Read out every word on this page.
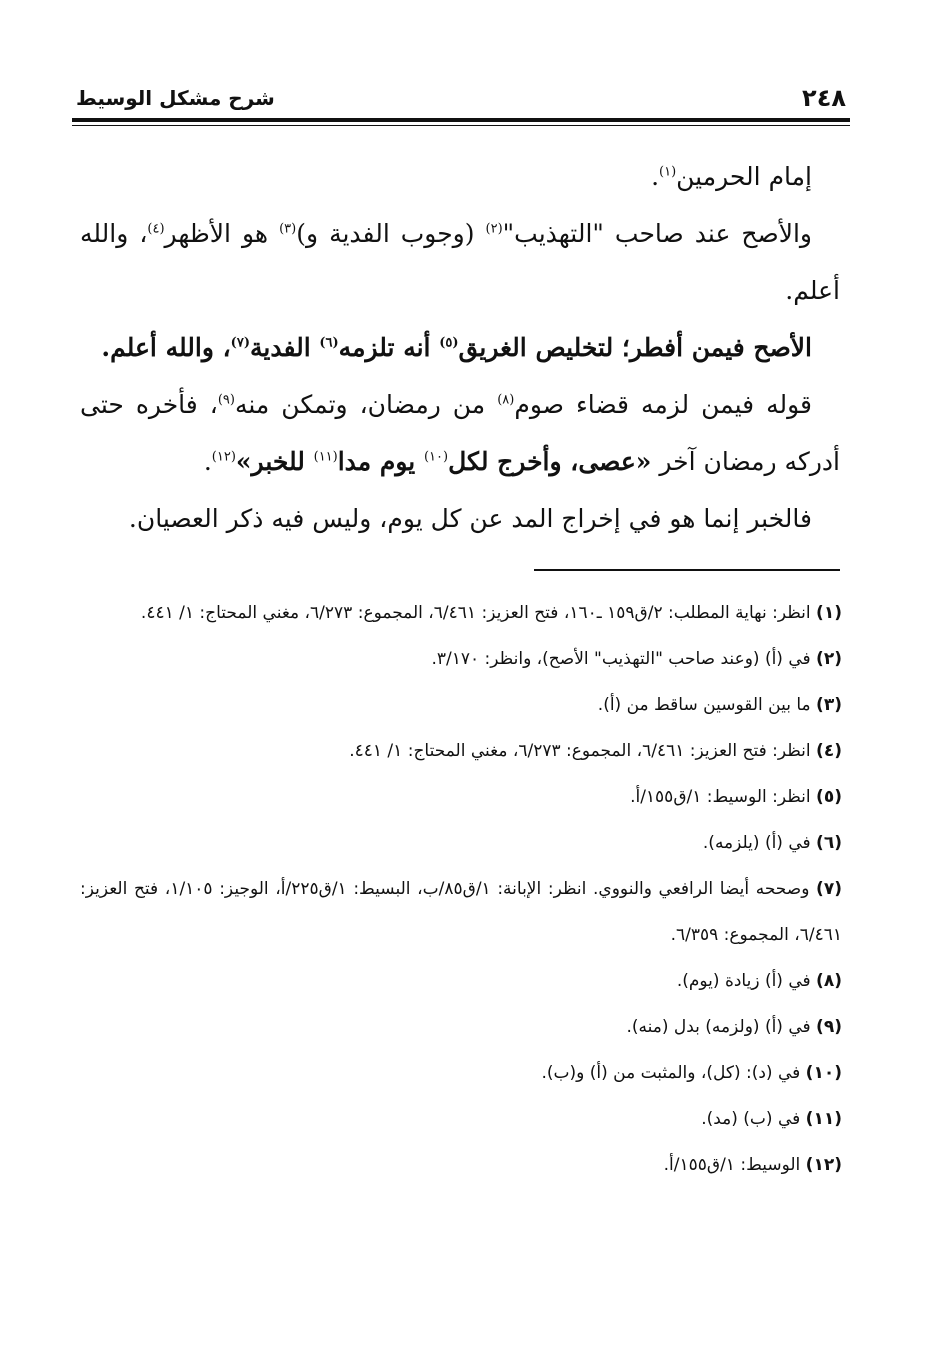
٢٤٨
شرح مشكل الوسيط

إمام الحرمين$^{(١)}$.

والأصح عند صاحب "التهذيب"$^{(٢)}$ (وجوب الفدية و)$^{(٣)}$ هو الأظهر$^{(٤)}$، والله أعلم.

الأصح فيمن أفطر؛ لتخليص الغريق$^{(٥)}$ أنه تلزمه$^{(٦)}$ الفدية$^{(٧)}$، والله أعلم.

قوله فيمن لزمه قضاء صوم$^{(٨)}$ من رمضان، وتمكن منه$^{(٩)}$، فأخره حتى أدركه رمضان آخر «عصى، وأخرج لكل$^{(١٠)}$ يوم مدا$^{(١١)}$ للخبر»$^{(١٢)}$.

فالخبر إنما هو في إخراج المد عن كل يوم، وليس فيه ذكر العصيان.

(١) انظر: نهاية المطلب: ٢/ق١٥٩ ـ١٦٠، فتح العزيز: ٦/٤٦١، المجموع: ٦/٢٧٣، مغني المحتاج: ١/ ٤٤١.

(٢) في (أ) (وعند صاحب "التهذيب" الأصح)، وانظر: ٣/١٧٠.

(٣) ما بين القوسين ساقط من (أ).

(٤) انظر: فتح العزيز: ٦/٤٦١، المجموع: ٦/٢٧٣، مغني المحتاج: ١/ ٤٤١.

(٥) انظر: الوسيط: ١/ق١٥٥/أ.

(٦) في (أ) (يلزمه).

(٧) وصححه أيضا الرافعي والنووي. انظر: الإبانة: ١/ق٨٥/ب، البسيط: ١/ق٢٢٥/أ، الوجيز: ١/١٠٥، فتح العزيز: ٦/٤٦١، المجموع: ٦/٣٥٩.

(٨) في (أ) زيادة (يوم).

(٩) في (أ) (ولزمه) بدل (منه).

(١٠) في (د): (كل)، والمثبت من (أ) و(ب).

(١١) في (ب) (مد).

(١٢) الوسيط: ١/ق١٥٥/أ.
